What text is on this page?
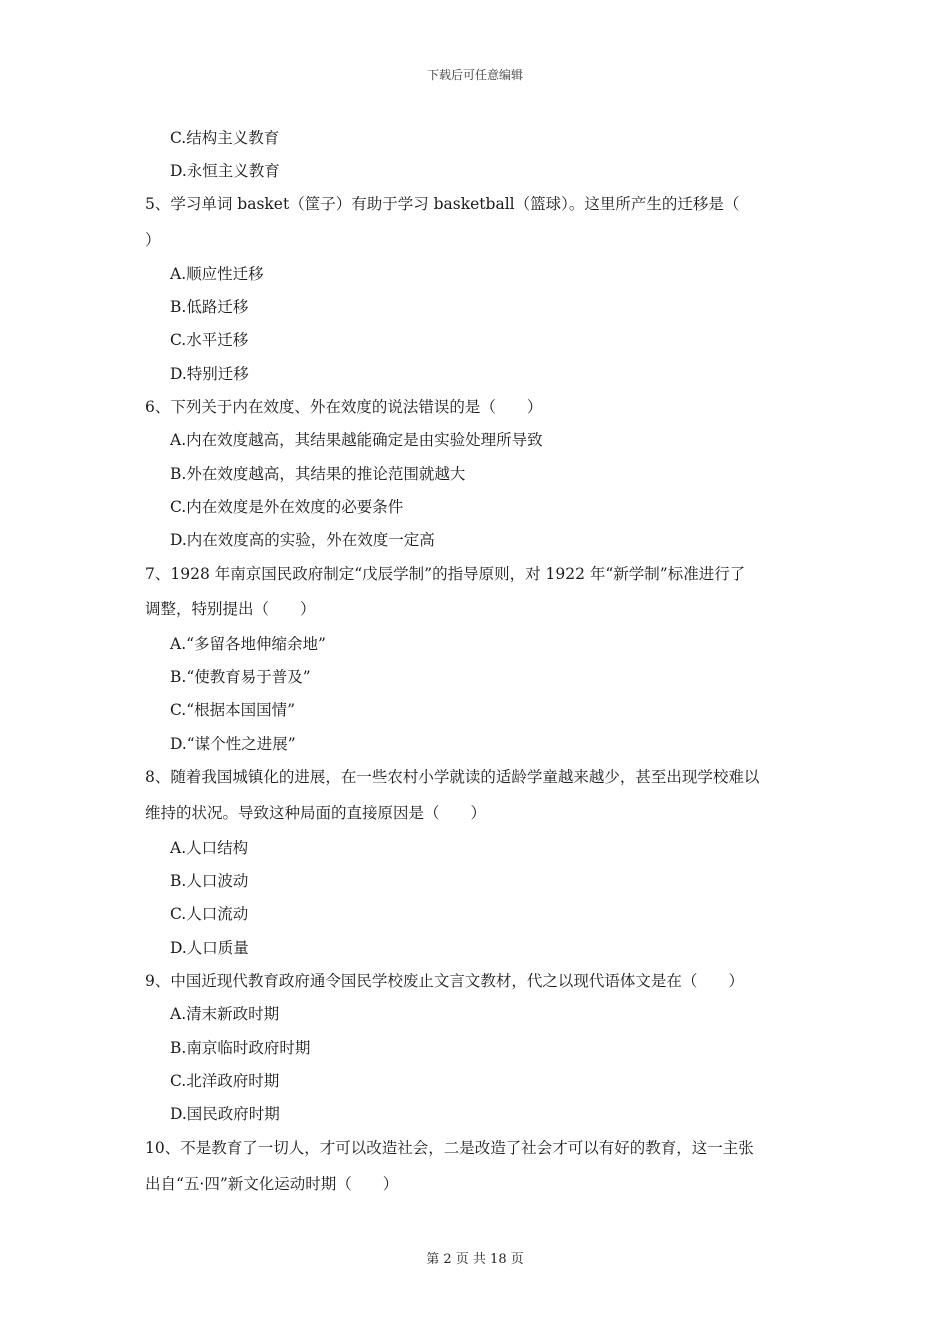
下载后可任意编辑
C.结构主义教育
D.永恒主义教育
5、学习单词 basket（筐子）有助于学习 basketball（篮球）。这里所产生的迁移是（
）
A.顺应性迁移
B.低路迁移
C.水平迁移
D.特别迁移
6、下列关于内在效度、外在效度的说法错误的是（　　）
A.内在效度越高，其结果越能确定是由实验处理所导致
B.外在效度越高，其结果的推论范围就越大
C.内在效度是外在效度的必要条件
D.内在效度高的实验，外在效度一定高
7、1928 年南京国民政府制定“戊辰学制”的指导原则，对 1922 年“新学制”标准进行了
调整，特别提出（　　）
A.“多留各地伸缩余地”
B.“使教育易于普及”
C.“根据本国国情”
D.“谋个性之进展”
8、随着我国城镇化的进展，在一些农村小学就读的适龄学童越来越少，甚至出现学校难以
维持的状况。导致这种局面的直接原因是（　　）
A.人口结构
B.人口波动
C.人口流动
D.人口质量
9、中国近现代教育政府通令国民学校废止文言文教材，代之以现代语体文是在（　　）
A.清末新政时期
B.南京临时政府时期
C.北洋政府时期
D.国民政府时期
10、不是教育了一切人，才可以改造社会，二是改造了社会才可以有好的教育，这一主张
出自“五·四”新文化运动时期（　　）
第 2 页 共 18 页
